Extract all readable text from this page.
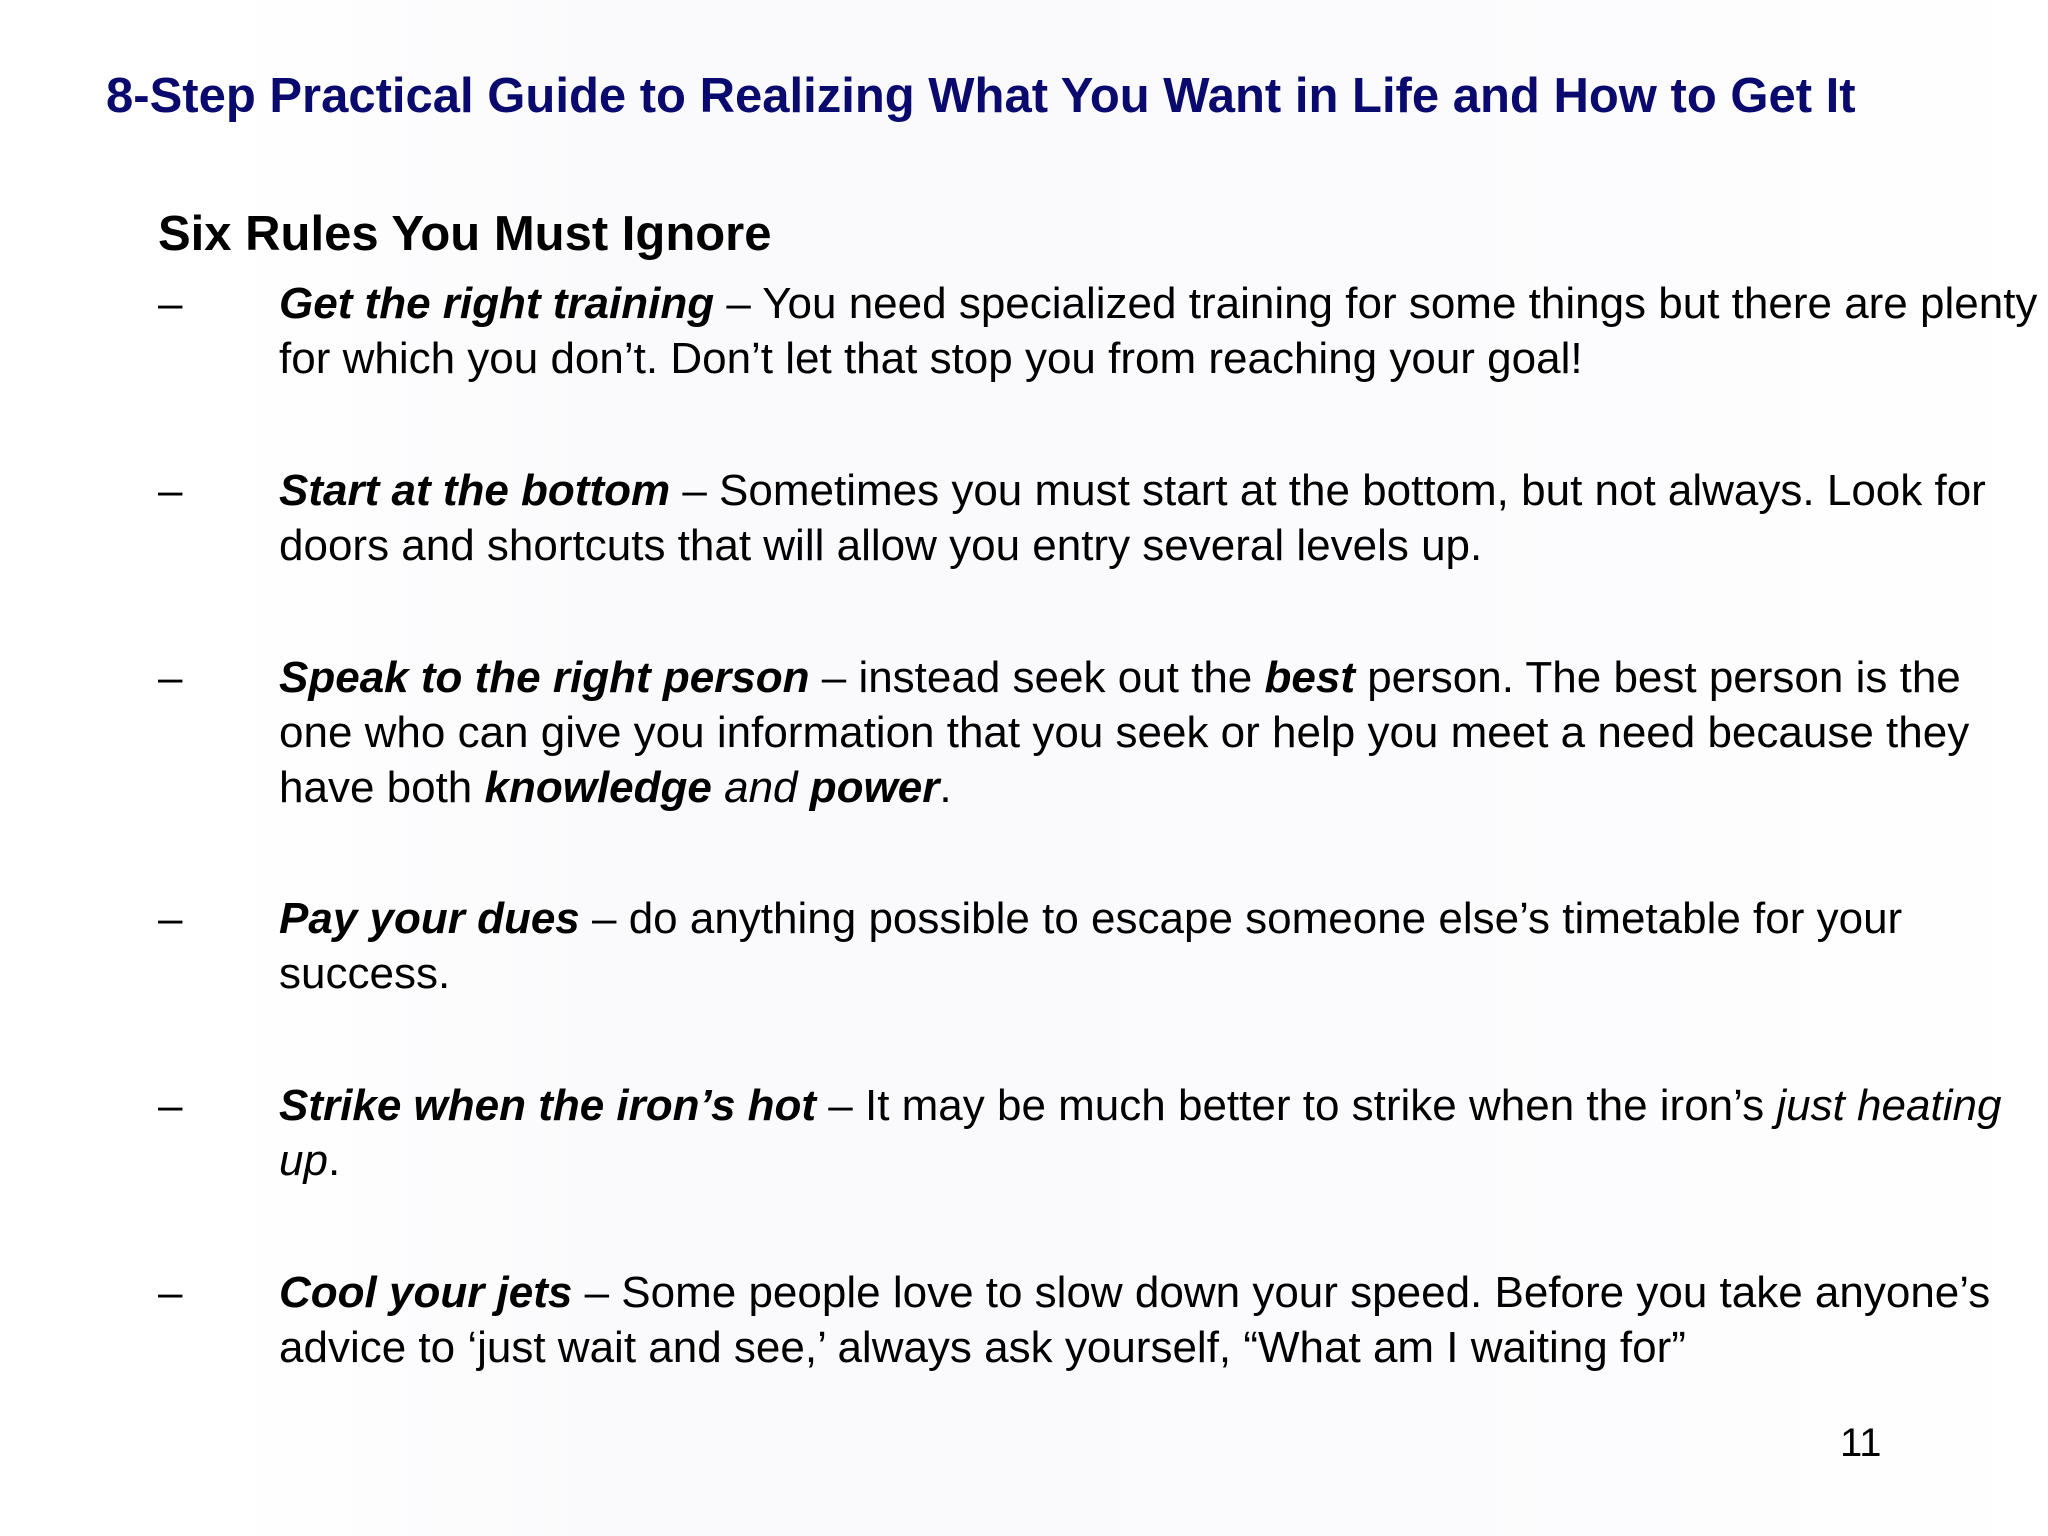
8-Step Practical Guide to Realizing What You Want in Life and How to Get It
Six Rules You Must Ignore
– Get the right training – You need specialized training for some things but there are plenty for which you don’t. Don’t let that stop you from reaching your goal!
– Start at the bottom – Sometimes you must start at the bottom, but not always. Look for doors and shortcuts that will allow you entry several levels up.
– Speak to the right person – instead seek out the best person. The best person is the one who can give you information that you seek or help you meet a need because they have both knowledge and power.
– Pay your dues – do anything possible to escape someone else’s timetable for your success.
– Strike when the iron’s hot – It may be much better to strike when the iron’s just heating up.
– Cool your jets – Some people love to slow down your speed. Before you take anyone’s advice to ‘just wait and see,’ always ask yourself, “What am I waiting for”
11
